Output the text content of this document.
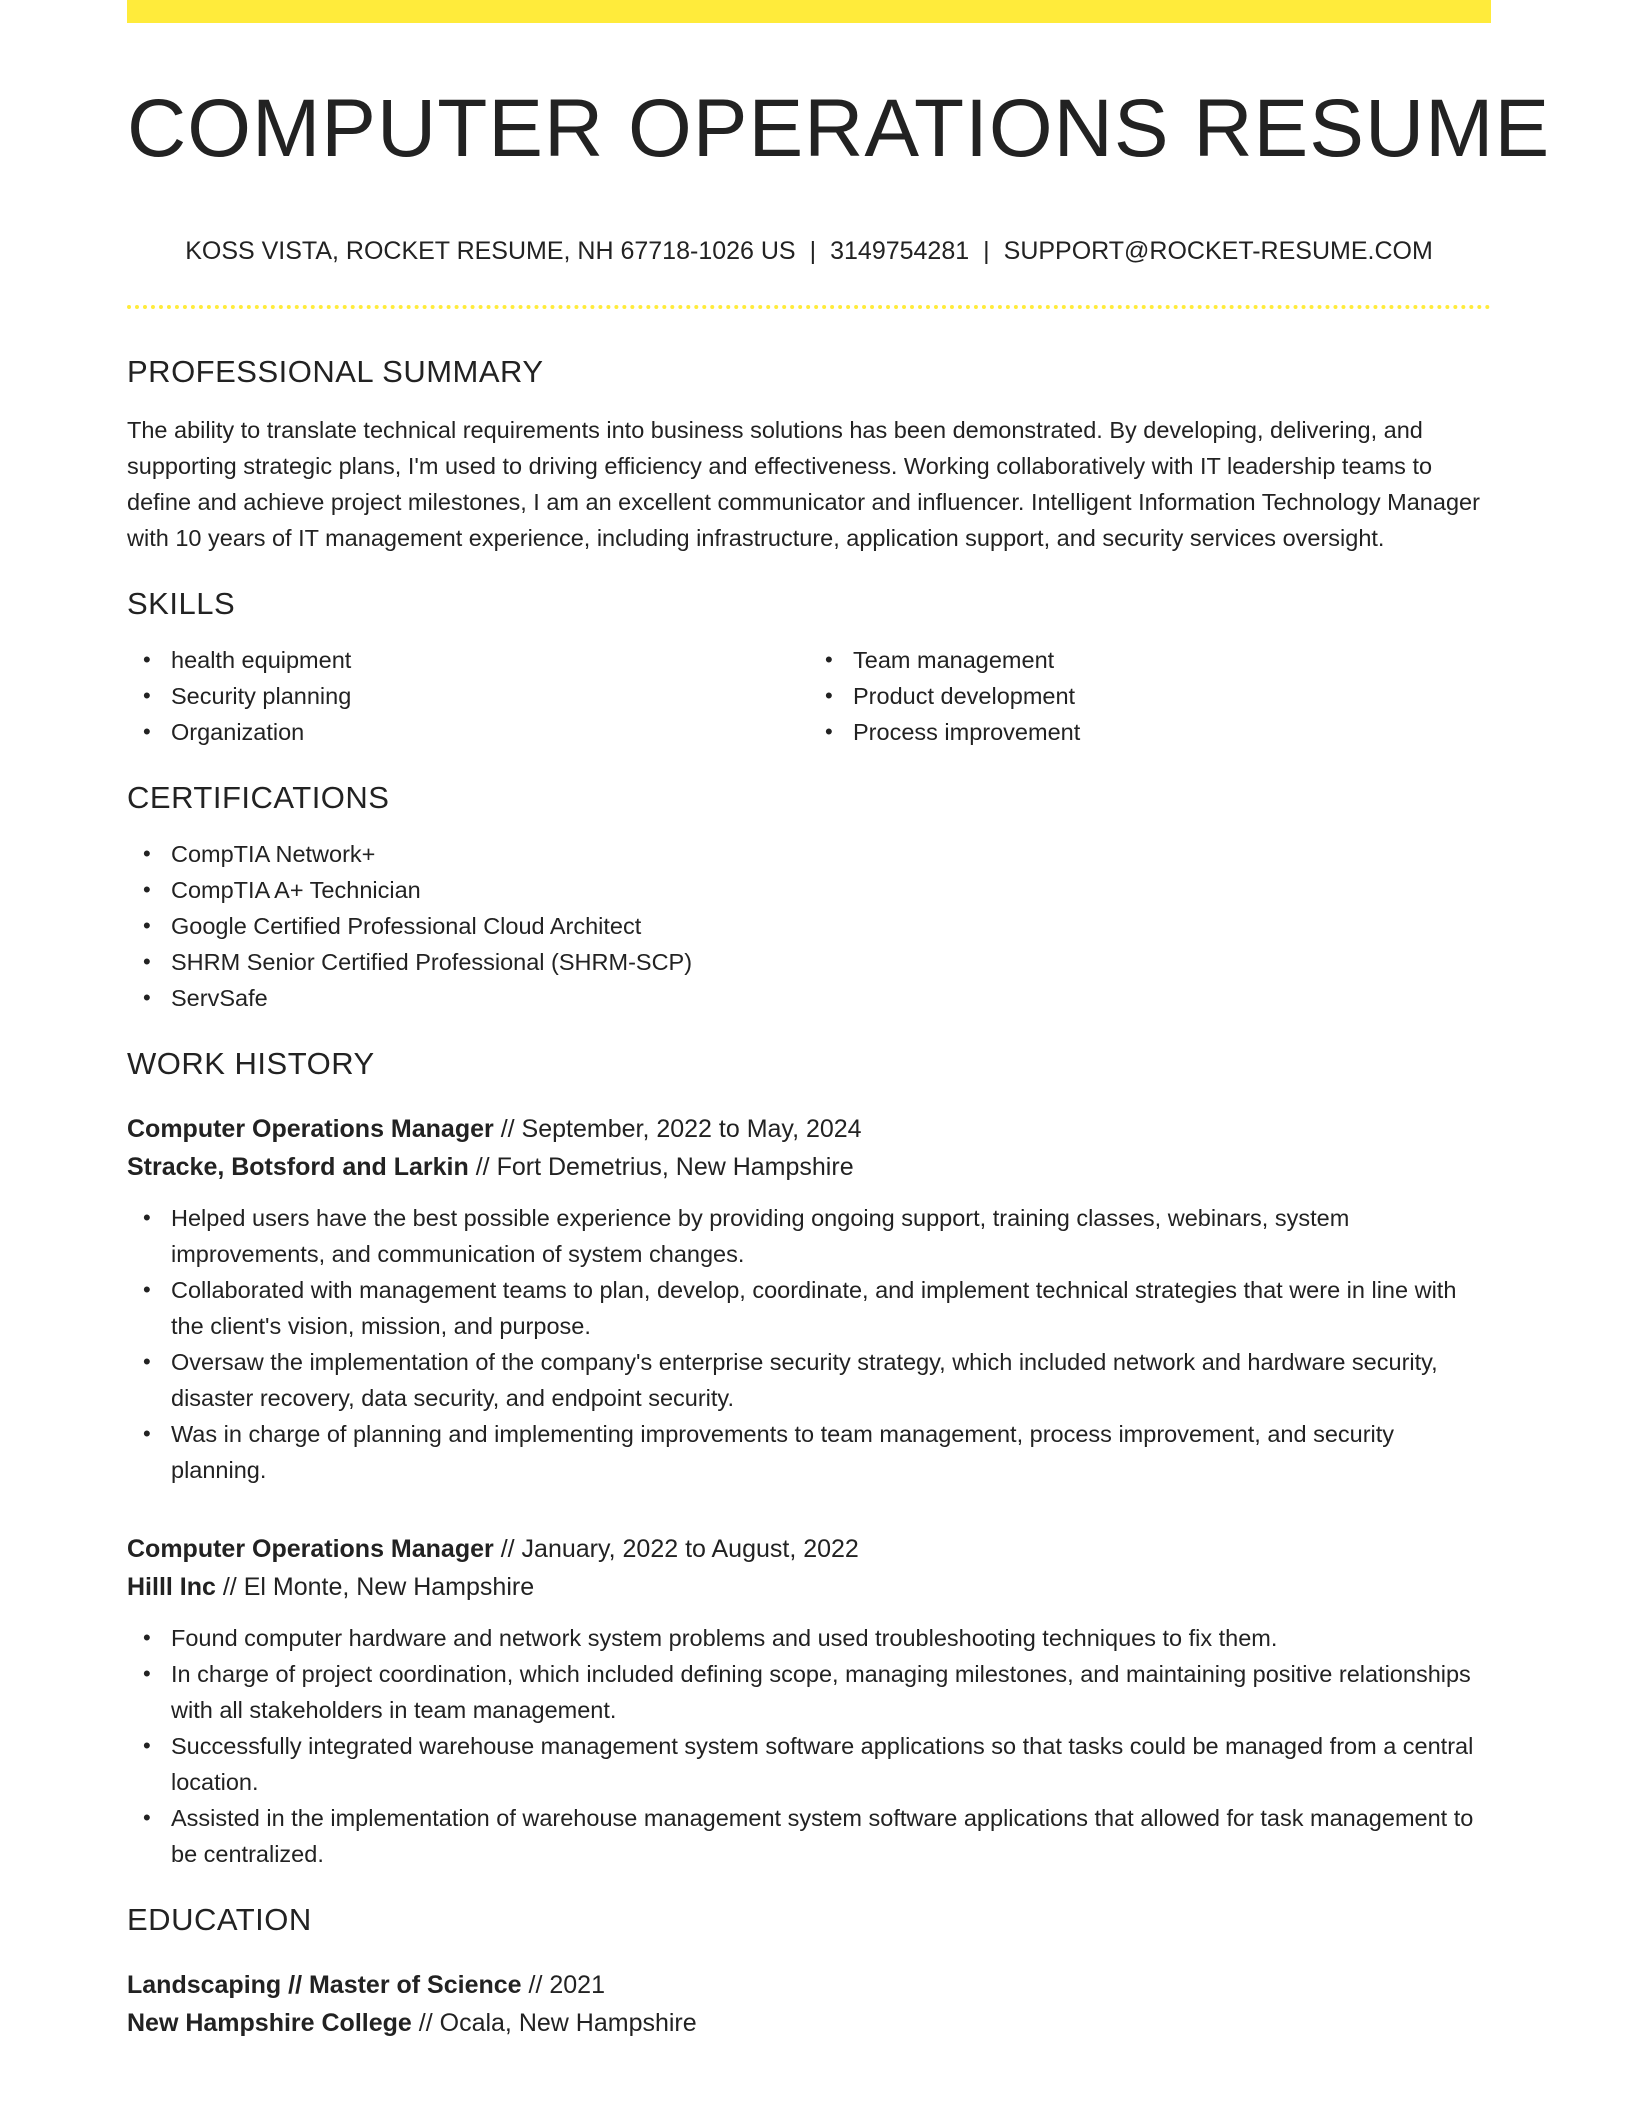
COMPUTER OPERATIONS RESUME
KOSS VISTA, ROCKET RESUME, NH 67718-1026 US | 3149754281 | SUPPORT@ROCKET-RESUME.COM
PROFESSIONAL SUMMARY

The ability to translate technical requirements into business solutions has been demonstrated. By developing, delivering, and supporting strategic plans, I'm used to driving efficiency and effectiveness. Working collaboratively with IT leadership teams to define and achieve project milestones, I am an excellent communicator and influencer. Intelligent Information Technology Manager with 10 years of IT management experience, including infrastructure, application support, and security services oversight.

SKILLS
• health equipment
• Security planning
• Organization
• Team management
• Product development
• Process improvement
CERTIFICATIONS
• CompTIA Network+
• CompTIA A+ Technician
• Google Certified Professional Cloud Architect
• SHRM Senior Certified Professional (SHRM-SCP)
• ServSafe
WORK HISTORY
Computer Operations Manager // September, 2022 to May, 2024
Stracke, Botsford and Larkin // Fort Demetrius, New Hampshire
• Helped users have the best possible experience by providing ongoing support, training classes, webinars, system improvements, and communication of system changes.
• Collaborated with management teams to plan, develop, coordinate, and implement technical strategies that were in line with the client's vision, mission, and purpose.
• Oversaw the implementation of the company's enterprise security strategy, which included network and hardware security, disaster recovery, data security, and endpoint security.
• Was in charge of planning and implementing improvements to team management, process improvement, and security planning.
Computer Operations Manager // January, 2022 to August, 2022
Hilll Inc // El Monte, New Hampshire
• Found computer hardware and network system problems and used troubleshooting techniques to fix them.
• In charge of project coordination, which included defining scope, managing milestones, and maintaining positive relationships with all stakeholders in team management.
• Successfully integrated warehouse management system software applications so that tasks could be managed from a central location.
• Assisted in the implementation of warehouse management system software applications that allowed for task management to be centralized.
EDUCATION
Landscaping // Master of Science // 2021
New Hampshire College // Ocala, New Hampshire
